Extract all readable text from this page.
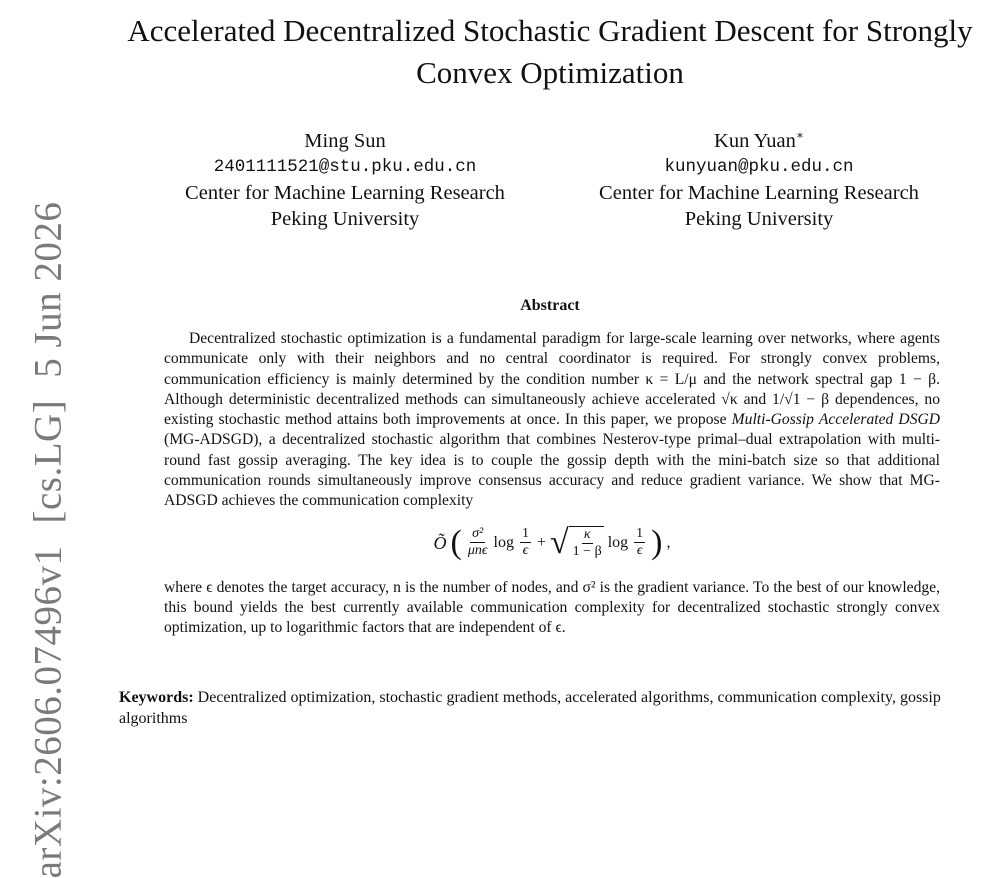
arXiv:2606.07496v1[cs.LG]5 Jun 2026
Accelerated Decentralized Stochastic Gradient Descent for Strongly Convex Optimization
Ming Sun
2401111521@stu.pku.edu.cn
Center for Machine Learning Research
Peking University
Kun Yuan∗
kunyuan@pku.edu.cn
Center for Machine Learning Research
Peking University
Abstract

Decentralized stochastic optimization is a fundamental paradigm for large-scale learning over networks, where agents communicate only with their neighbors and no central coordinator is required. For strongly convex problems, communication efficiency is mainly determined by the condition number κ = L/μ and the network spectral gap 1 − β. Although deterministic decentralized methods can simultaneously achieve accelerated √κ and 1/√1 − β dependences, no existing stochastic method attains both improvements at once. In this paper, we propose Multi-Gossip Accelerated DSGD (MG-ADSGD), a decentralized stochastic algorithm that combines Nesterov-type primal–dual extrapolation with multi-round fast gossip averaging. The key idea is to couple the gossip depth with the mini-batch size so that additional communication rounds simultaneously improve consensus accuracy and reduce gradient variance. We show that MG-ADSGD achieves the communication complexity

Õ ( $\frac{\text{σ²}}{\text{μnϵ}}$ $\log \frac{1}{\epsilon}$ + √ $\frac{\kappa}{1 - \beta}$ $\log \frac{1}{\epsilon}$ ) ,

where ϵ denotes the target accuracy, n is the number of nodes, and σ² is the gradient variance. To the best of our knowledge, this bound yields the best currently available communication complexity for decentralized stochastic strongly convex optimization, up to logarithmic factors that are independent of ϵ.

Keywords: Decentralized optimization, stochastic gradient methods, accelerated algorithms, communication complexity, gossip algorithms
